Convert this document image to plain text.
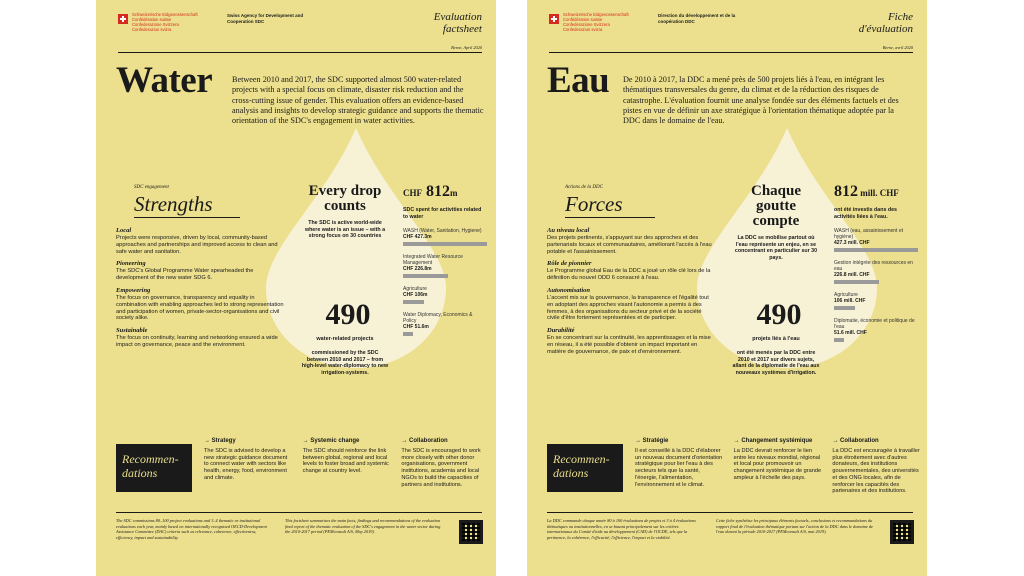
Schweizerische Eidgenossenschaft
Confédération suisse
Confederazione Svizzera
Confederaziun svizra
Swiss Agency for Development and Cooperation SDC	Evaluation
factsheet
Berne, April 2020
Water Between 2010 and 2017, the SDC supported almost 500 water-related projects with a special focus on climate, disaster risk reduction and the cross-cutting issue of gender. This evaluation offers an evidence-based analysis and insights to develop strategic guidance and supports the thematic orientation of the SDC's engagement in water activities.
SDC engagement
Strengths
Local

Projects were responsive, driven by local, community-based approaches and partnerships and improved access to clean and safe water and sanitation.

Pioneering

The SDC's Global Programme Water spearheaded the development of the new water SDG 6.

Empowering

The focus on governance, transparency and equality in combination with enabling approaches led to strong representation and participation of women, private-sector-organisations and civil society alike.

Sustainable

The focus on continuity, learning and networking ensured a wide impact on governance, peace and the environment.

Every drop counts
The SDC is active world-wide where water is an issue – with a strong focus on 30 countries
490
water-related projects
commissioned by the SDC between 2010 and 2017 – from high-level water-diplomacy to new irrigation-systems.
CHF 812m
SDC spent for activities related to water
WASH (Water, Sanitation, Hygiene)
CHF 427.3m
Integrated Water Resource Management
CHF 226.8m
Agriculture
CHF 106m
Water Diplomacy, Economics & Policy
CHF 51.6m
Recommen-dations
→ Strategy

The SDC is advised to develop a new strategic guidance document to connect water with sectors like health, energy, food, environment and climate.

→ Systemic change

The SDC should reinforce the link between global, regional and local levels to foster broad and systemic change at country level.

→ Collaboration

The SDC is encouraged to work more closely with other donor organisations, government institutions, academia and local NGOs to build the capacities of partners and institutions.

The SDC commissions 80–100 project evaluations and 3–4 thematic or institutional evaluations each year, mainly based on internationally recognised OECD-Development Assistance Committee (DAC) criteria such as relevance, coherence, effectiveness, efficiency, impact and sustainability.
This factsheet summarises the main facts, findings and recommendations of the evaluation final report of the thematic evaluation of the SDC's engagement in the water sector during the 2010-2017 period (PEMconsult A/S, May 2019).
Schweizerische Eidgenossenschaft
Confédération suisse
Confederazione Svizzera
Confederaziun svizra
Direction du développement et de la coopération DDC	Fiche
d'évaluation
Berne, avril 2020
Eau De 2010 à 2017, la DDC a mené près de 500 projets liés à l'eau, en intégrant les thématiques transversales du genre, du climat et de la réduction des risques de catastrophe. L'évaluation fournit une analyse fondée sur des éléments factuels et des pistes en vue de définir un axe stratégique à l'orientation thématique adoptée par la DDC dans le domaine de l'eau.
Actions de la DDC
Forces
Au niveau local

Des projets pertinents, s'appuyant sur des approches et des partenariats locaux et communautaires, améliorant l'accès à l'eau potable et l'assainissement.

Rôle de pionnier

Le Programme global Eau de la DDC a joué un rôle clé lors de la définition du nouvel ODD 6 consacré à l'eau.

Autonomisation

L'accent mis sur la gouvernance, la transparence et l'égalité tout en adoptant des approches visant l'autonomie a permis à des femmes, à des organisations du secteur privé et de la société civile d'être fortement représentées et de participer.

Durabilité

En se concentrant sur la continuité, les apprentissages et la mise en réseau, il a été possible d'obtenir un impact important en matière de gouvernance, de paix et d'environnement.

Chaque goutte compte
La DDC se mobilise partout où l'eau représente un enjeu, en se concentrant en particulier sur 30 pays.
490
projets liés à l'eau
ont été menés par la DDC entre 2010 et 2017 sur divers sujets, allant de la diplomatie de l'eau aux nouveaux systèmes d'irrigation.
812 mill. CHF
ont été investis dans des activités liées à l'eau.
WASH (eau, assainissement et hygiène)
427.3 mill. CHF
Gestion intégrée des ressources en eau
226.8 mill. CHF
Agriculture
106 mill. CHF
Diplomatie, économie et politique de l'eau
51.6 mill. CHF
Recommen-dations
→ Stratégie

Il est conseillé à la DDC d'élaborer un nouveau document d'orientation stratégique pour lier l'eau à des secteurs tels que la santé, l'énergie, l'alimentation, l'environnement et le climat.

→ Changement systémique

La DDC devrait renforcer le lien entre les niveaux mondial, régional et local pour promouvoir un changement systémique de grande ampleur à l'échelle des pays.

→ Collaboration

La DDC est encouragée à travailler plus étroitement avec d'autres donateurs, des institutions gouvernementales, des universités et des ONG locales, afin de renforcer les capacités des partenaires et des institutions.

La DDC commande chaque année 80 à 100 évaluations de projets et 3 à 4 évaluations thématiques ou institutionnelles, en se basant principalement sur les critères internationaux du Comité d'aide au développement (CAD) de l'OCDE, tels que la pertinence, la cohérence, l'efficacité, l'efficience, l'impact et la viabilité.
Cette fiche synthétise les principaux éléments factuels, conclusions et recommandations du rapport final de l'évaluation thématique portant sur l'action de la DDC dans le domaine de l'eau durant la période 2010-2017 (PEMconsult A/S, mai 2019).
